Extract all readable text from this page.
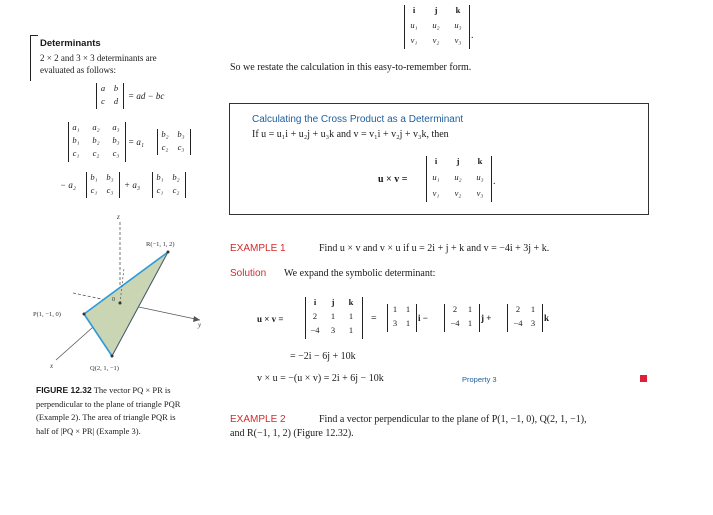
Determinants
2 × 2 and 3 × 3 determinants are
evaluated as follows:
a	b
c	d	= ad − bc
a₁	a₂	a₃
b₁	b₂	b₃
c₁	c₂	c₃
= a₁
b₂	b₃
c₂	c₃
− a₂
b₁	b₃
c₁	c₃	+ a₃
b₁	b₂
c₁	c₂
z
y
x
R(−1, 1, 2)
P(1, −1, 0)
Q(2, 1, −1)
0
FIGURE 12.32 The vector PQ × PR is
perpendicular to the plane of triangle PQR
(Example 2). The area of triangle PQR is
half of |PQ × PR| (Example 3).
i	j	k
u₁	u₂	u₃
v₁	v₂	v₃ .
So we restate the calculation in this easy-to-remember form.
Calculating the Cross Product as a Determinant
If u = u₁i + u₂j + u₃k and v = v₁i + v₂j + v₃k, then
u × v =
i	j	k
u₁	u₂	u₃
v₁	v₂	v₃
.
EXAMPLE 1	Find u × v and v × u if u = 2i + j + k and v = −4i + 3j + k.
Solution We expand the symbolic determinant:
u × v =
i	j	k
2	1	1
−4	3	1
=
1	1
3	1 i −
2	1
−4 1 j +
2	1
−4 3 k
= −2i − 6j + 10k
v × u = −(u × v) = 2i + 6j − 10k	Property 3
EXAMPLE 2	Find a vector perpendicular to the plane of P(1, −1, 0), Q(2, 1, −1),
and R(−1, 1, 2) (Figure 12.32).
